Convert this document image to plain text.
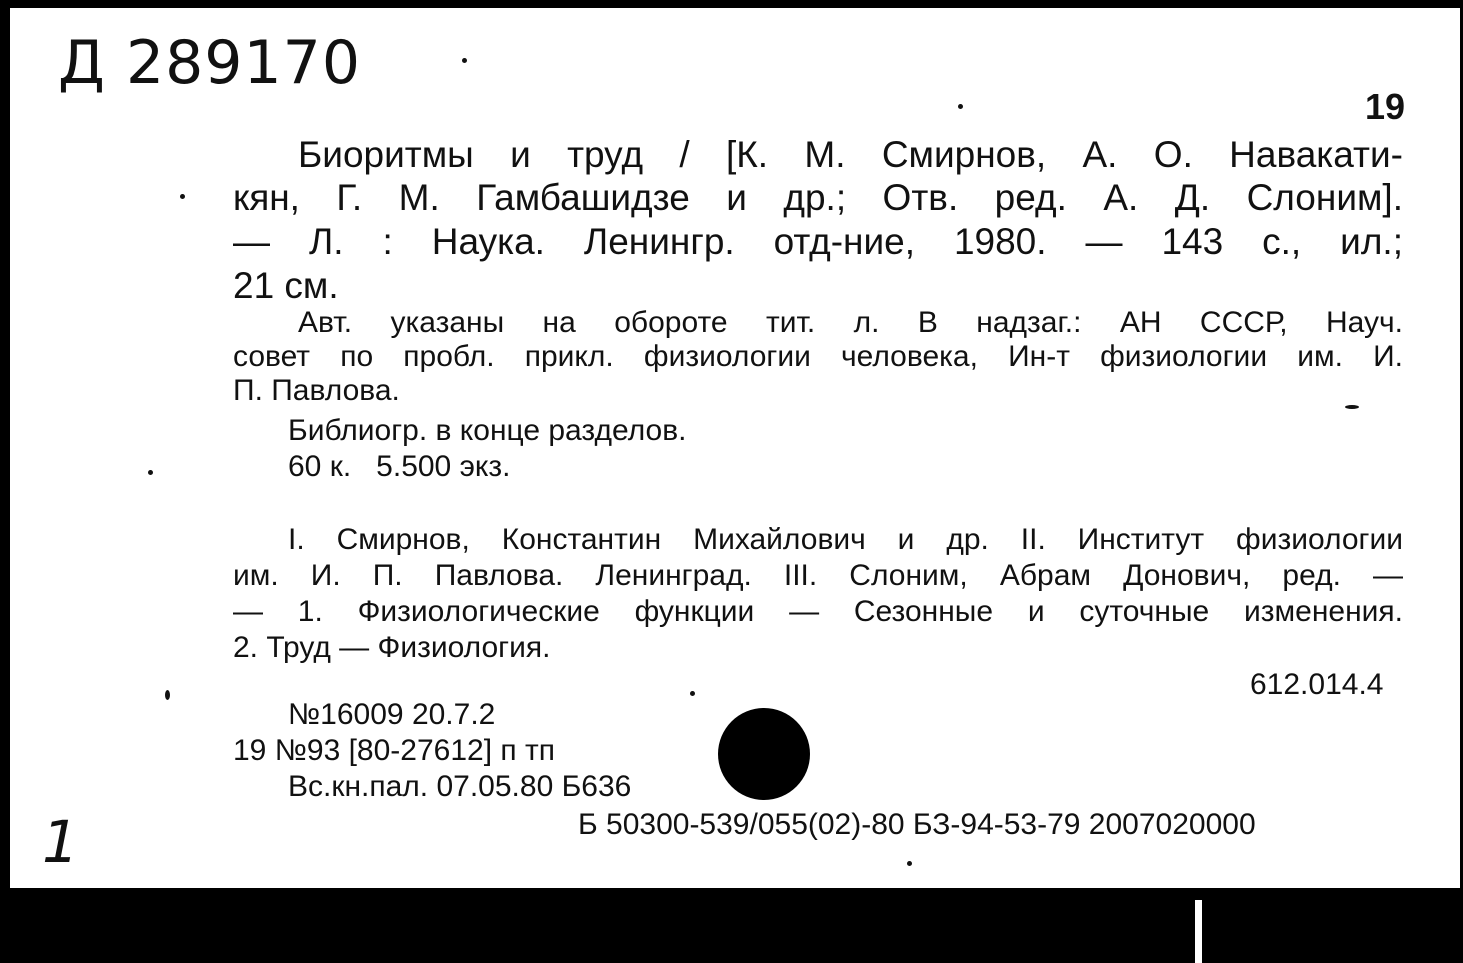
Д 289170
19
Биоритмы и труд / [К. М. Смирнов, А. О. Навакати-
кян, Г. М. Гамбашидзе и др.; Отв. ред. А. Д. Слоним].
— Л. : Наука. Ленингр. отд-ние, 1980. — 143 с., ил.;
21 см.
Авт. указаны на обороте тит. л. В надзаг.: АН СССР, Науч.
совет по пробл. прикл. физиологии человека, Ин-т физиологии им. И.
П. Павлова.
Библиогр. в конце разделов.
60 к.   5.500 экз.
I. Смирнов, Константин Михайлович и др. II. Институт физиологии
им. И. П. Павлова. Ленинград. III. Слоним, Абрам Донович, ред. —
— 1. Физиологические функции — Сезонные и суточные изменения.
2. Труд — Физиология.
612.014.4
№16009 20.7.2
19 №93 [80-27612] п тп
Вс.кн.пал. 07.05.80 Б636
Б 50300-539/055(02)-80 БЗ-94-53-79 2007020000
1
